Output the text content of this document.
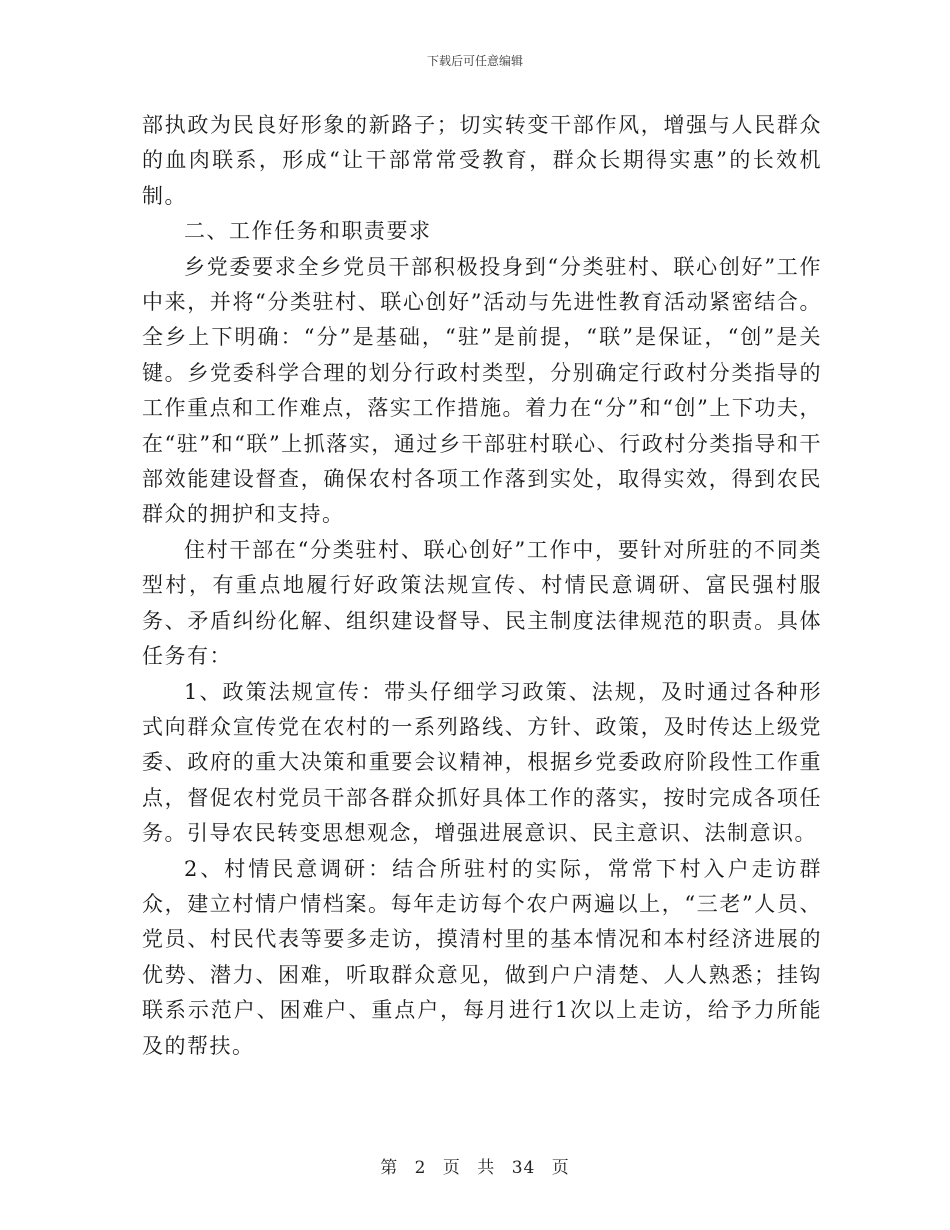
下载后可任意编辑

部执政为民良好形象的新路子；切实转变干部作风，增强与人民群众的血肉联系，形成“让干部常常受教育，群众长期得实惠”的长效机制。

二、工作任务和职责要求

乡党委要求全乡党员干部积极投身到“分类驻村、联心创好”工作中来，并将“分类驻村、联心创好”活动与先进性教育活动紧密结合。全乡上下明确：“分”是基础，“驻”是前提，“联”是保证，“创”是关键。乡党委科学合理的划分行政村类型，分别确定行政村分类指导的工作重点和工作难点，落实工作措施。着力在“分”和“创”上下功夫，在“驻”和“联”上抓落实，通过乡干部驻村联心、行政村分类指导和干部效能建设督查，确保农村各项工作落到实处，取得实效，得到农民群众的拥护和支持。

住村干部在“分类驻村、联心创好”工作中，要针对所驻的不同类型村，有重点地履行好政策法规宣传、村情民意调研、富民强村服务、矛盾纠纷化解、组织建设督导、民主制度法律规范的职责。具体任务有：

1、政策法规宣传：带头仔细学习政策、法规，及时通过各种形式向群众宣传党在农村的一系列路线、方针、政策，及时传达上级党委、政府的重大决策和重要会议精神，根据乡党委政府阶段性工作重点，督促农村党员干部各群众抓好具体工作的落实，按时完成各项任务。引导农民转变思想观念，增强进展意识、民主意识、法制意识。

2、村情民意调研：结合所驻村的实际，常常下村入户走访群众，建立村情户情档案。每年走访每个农户两遍以上，“三老”人员、党员、村民代表等要多走访，摸清村里的基本情况和本村经济进展的优势、潜力、困难，听取群众意见，做到户户清楚、人人熟悉；挂钩联系示范户、困难户、重点户，每月进行1次以上走访，给予力所能及的帮扶。

第 2 页 共 34 页
